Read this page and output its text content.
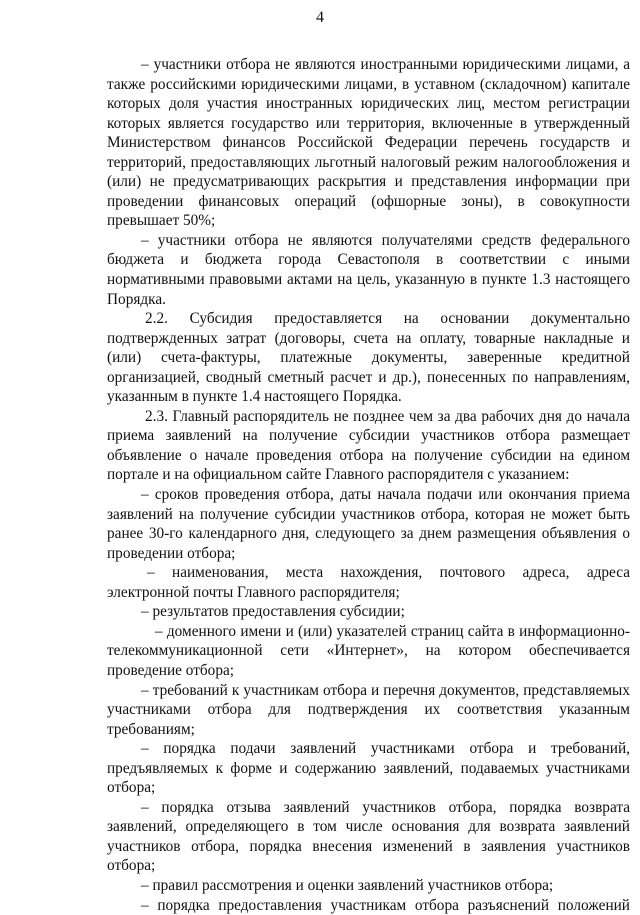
4

– участники отбора не являются иностранными юридическими лицами, а также российскими юридическими лицами, в уставном (складочном) капитале которых доля участия иностранных юридических лиц, местом регистрации которых является государство или территория, включенные в утвержденный Министерством финансов Российской Федерации перечень государств и территорий, предоставляющих льготный налоговый режим налогообложения и (или) не предусматривающих раскрытия и представления информации при проведении финансовых операций (офшорные зоны), в совокупности превышает 50%;

– участники отбора не являются получателями средств федерального бюджета и бюджета города Севастополя в соответствии с иными нормативными правовыми актами на цель, указанную в пункте 1.3 настоящего Порядка.

2.2. Субсидия предоставляется на основании документально подтвержденных затрат (договоры, счета на оплату, товарные накладные и (или) счета-фактуры, платежные документы, заверенные кредитной организацией, сводный сметный расчет и др.), понесенных по направлениям, указанным в пункте 1.4 настоящего Порядка.

2.3. Главный распорядитель не позднее чем за два рабочих дня до начала приема заявлений на получение субсидии участников отбора размещает объявление о начале проведения отбора на получение субсидии на едином портале и на официальном сайте Главного распорядителя с указанием:

– сроков проведения отбора, даты начала подачи или окончания приема заявлений на получение субсидии участников отбора, которая не может быть ранее 30-го календарного дня, следующего за днем размещения объявления о проведении отбора;

– наименования, места нахождения, почтового адреса, адреса электронной почты Главного распорядителя;

– результатов предоставления субсидии;

– доменного имени и (или) указателей страниц сайта в информационно-телекоммуникационной сети «Интернет», на котором обеспечивается проведение отбора;

– требований к участникам отбора и перечня документов, представляемых участниками отбора для подтверждения их соответствия указанным требованиям;

– порядка подачи заявлений участниками отбора и требований, предъявляемых к форме и содержанию заявлений, подаваемых участниками отбора;

– порядка отзыва заявлений участников отбора, порядка возврата заявлений, определяющего в том числе основания для возврата заявлений участников отбора, порядка внесения изменений в заявления участников отбора;

– правил рассмотрения и оценки заявлений участников отбора;

– порядка предоставления участникам отбора разъяснений положений
